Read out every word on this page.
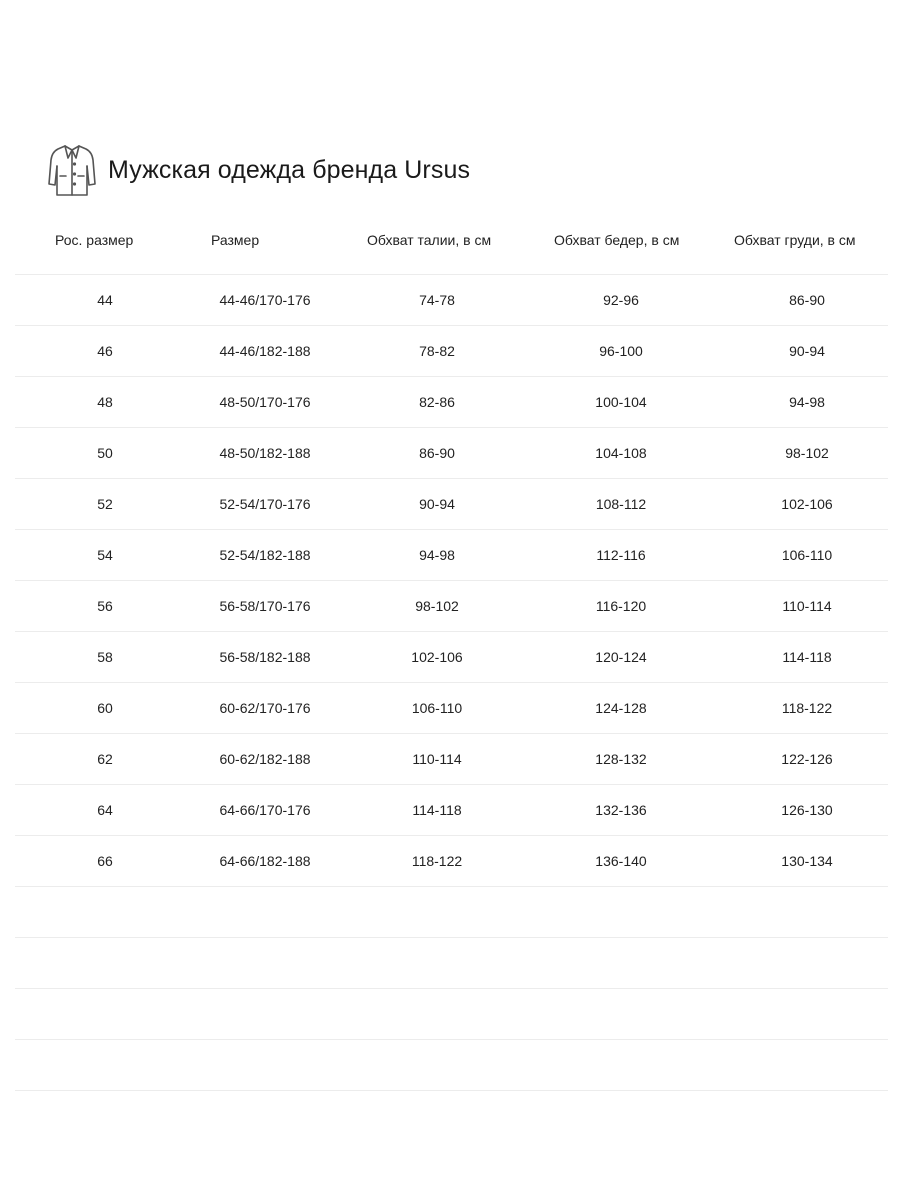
Мужская одежда бренда Ursus
Рос. размер	Размер	Обхват талии, в см	Обхват бедер, в см	Обхват груди, в см
44	44-46/170-176	74-78	92-96	86-90
46	44-46/182-188	78-82	96-100	90-94
48	48-50/170-176	82-86	100-104	94-98
50	48-50/182-188	86-90	104-108	98-102
52	52-54/170-176	90-94	108-112	102-106
54	52-54/182-188	94-98	112-116	106-110
56	56-58/170-176	98-102	116-120	110-114
58	56-58/182-188	102-106	120-124	114-118
60	60-62/170-176	106-110	124-128	118-122
62	60-62/182-188	110-114	128-132	122-126
64	64-66/170-176	114-118	132-136	126-130
66	64-66/182-188	118-122	136-140	130-134
